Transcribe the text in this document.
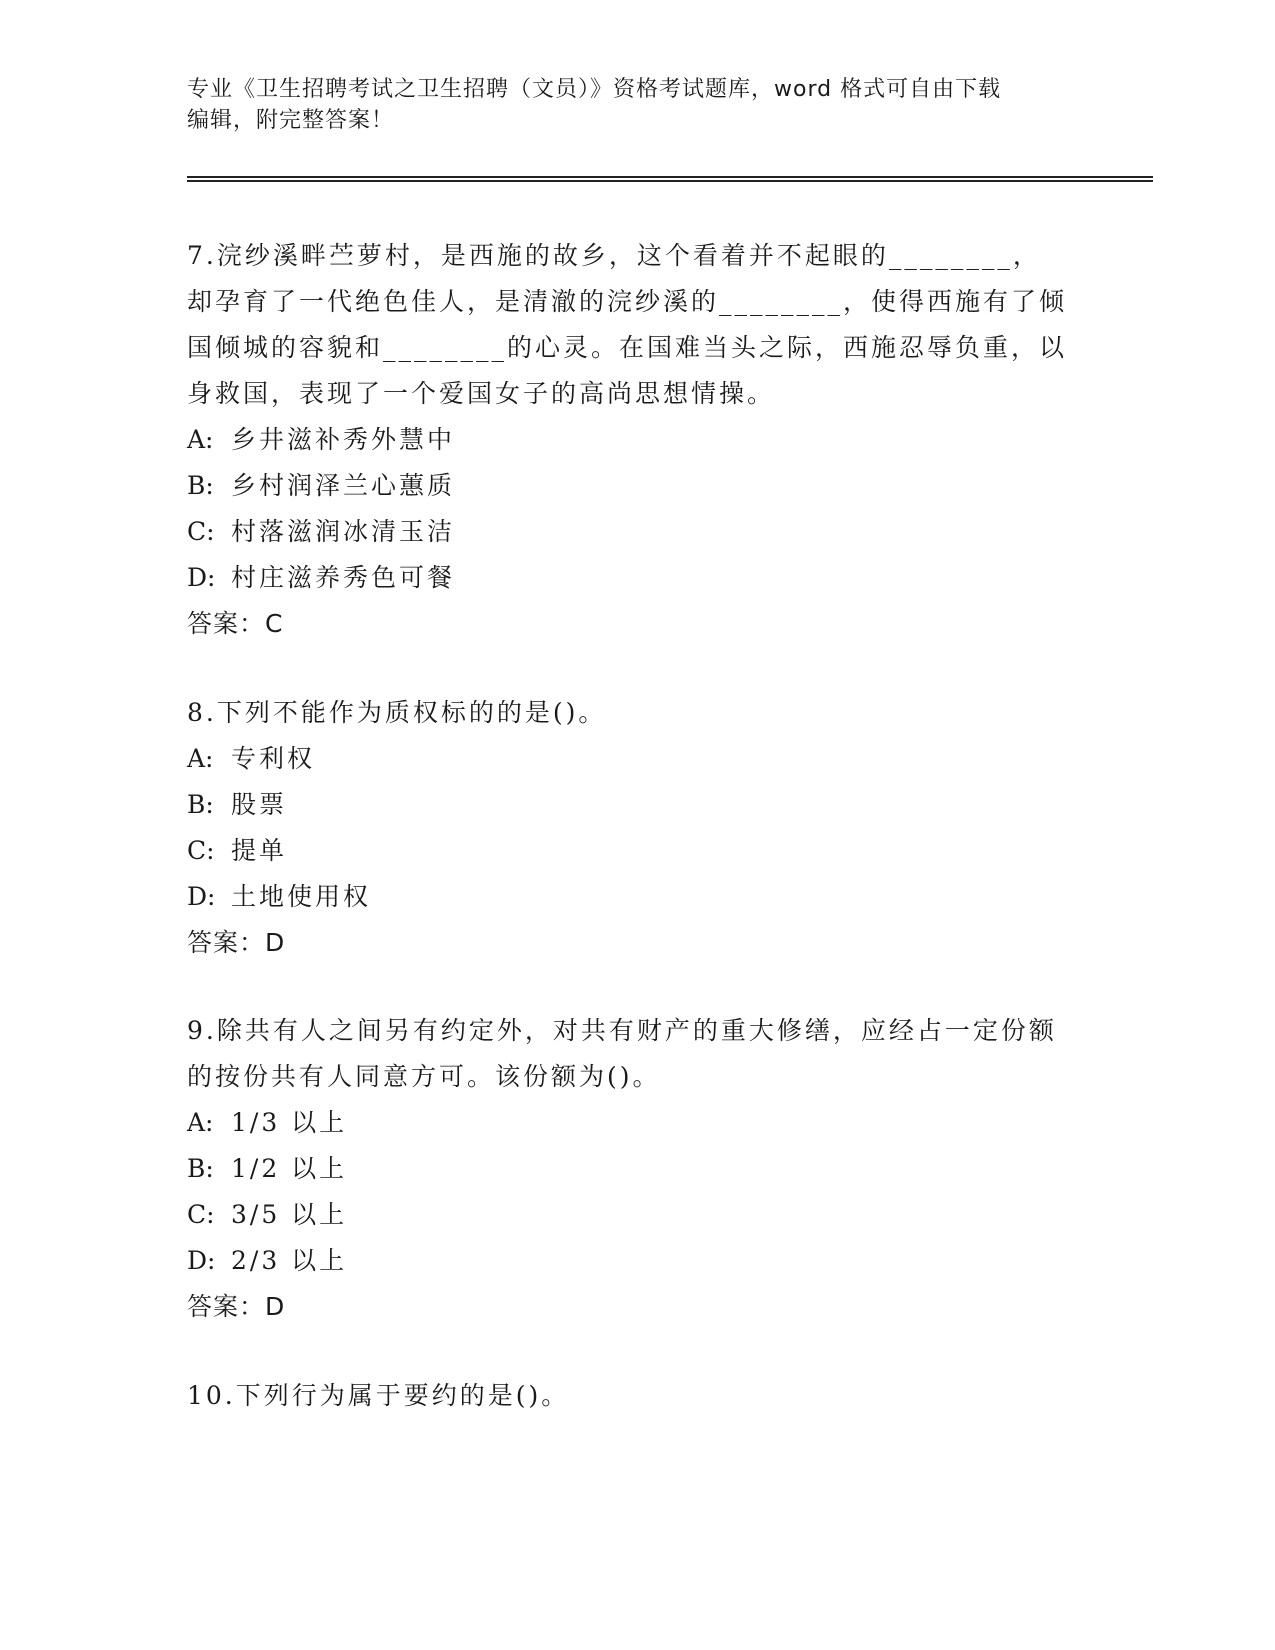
专业《卫生招聘考试之卫生招聘（文员）》资格考试题库，word 格式可自由下载
编辑，附完整答案！

7.浣纱溪畔苎萝村，是西施的故乡，这个看着并不起眼的________，却孕育了一代绝色佳人，是清澈的浣纱溪的________，使得西施有了倾国倾城的容貌和________的心灵。在国难当头之际，西施忍辱负重，以身救国，表现了一个爱国女子的高尚思想情操。

A: 乡井滋补秀外慧中

B: 乡村润泽兰心蕙质

C: 村落滋润冰清玉洁

D: 村庄滋养秀色可餐

答案：C

8.下列不能作为质权标的的是()。

A: 专利权

B: 股票

C: 提单

D: 土地使用权

答案：D

9.除共有人之间另有约定外，对共有财产的重大修缮，应经占一定份额的按份共有人同意方可。该份额为()。

A: 1/3 以上

B: 1/2 以上

C: 3/5 以上

D: 2/3 以上

答案：D

10.下列行为属于要约的是()。
